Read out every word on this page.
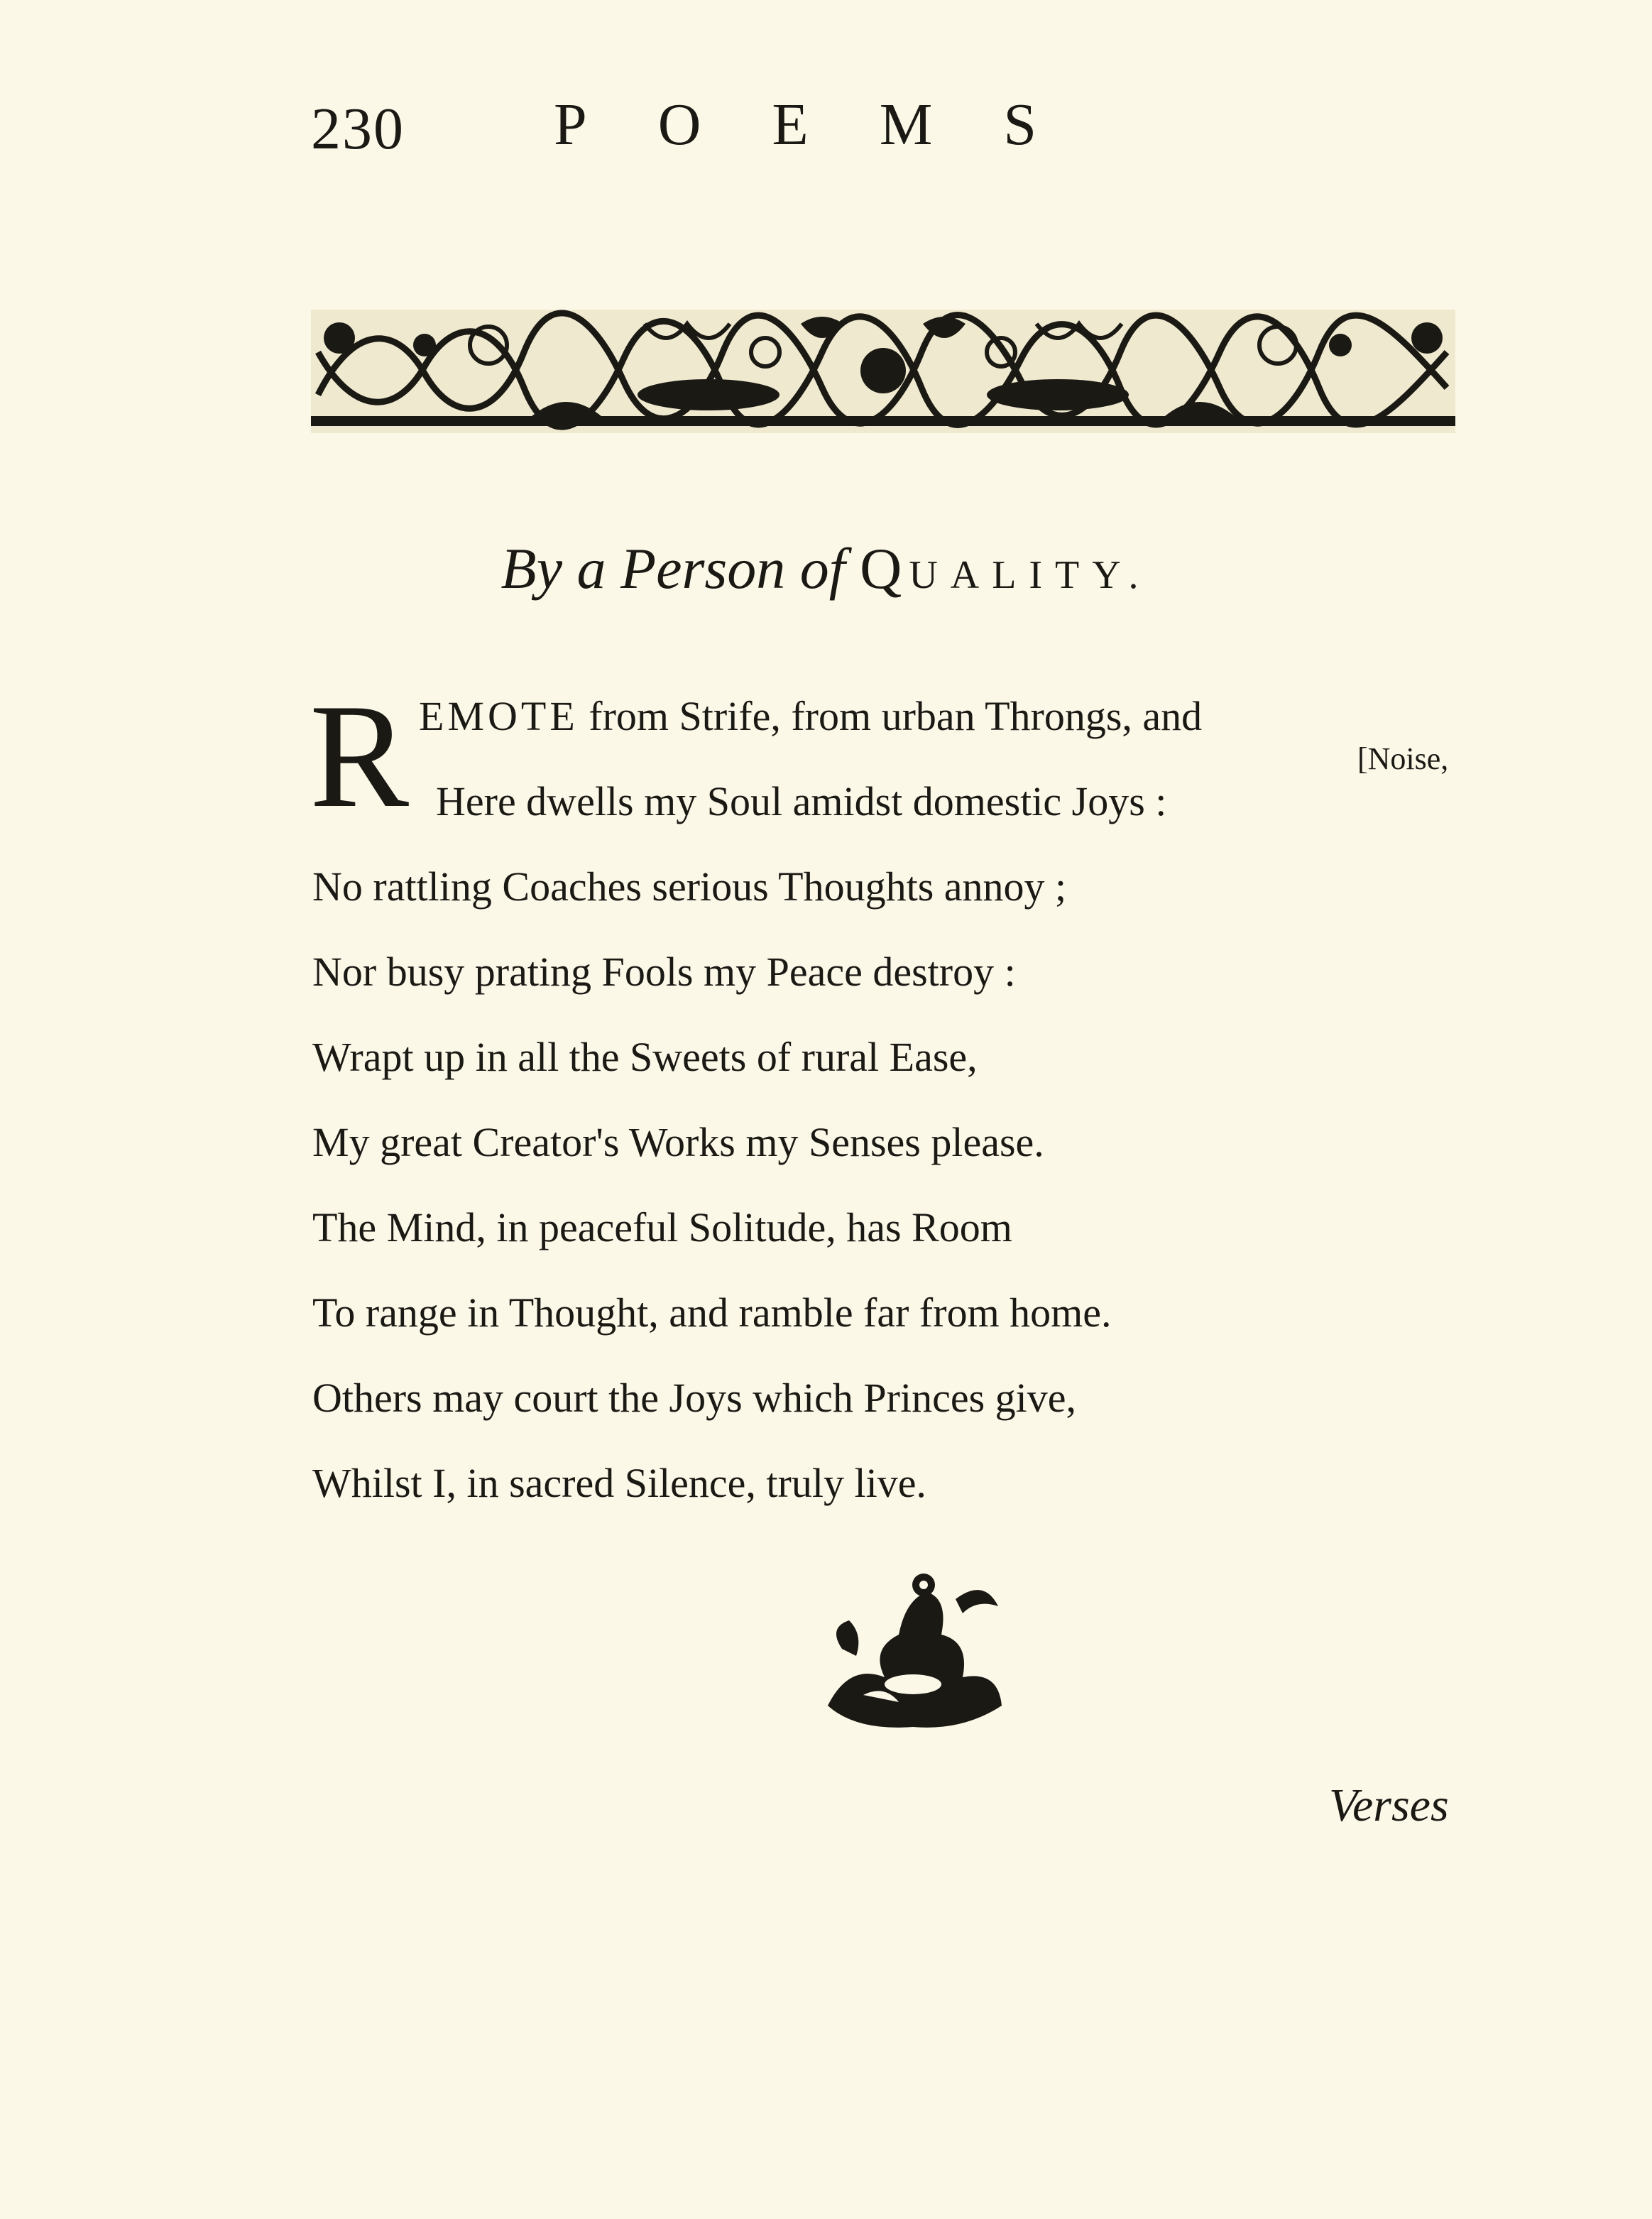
230	POEMS
By a Person of QUALITY.
R EMOTE from Strife, from urban Throngs, and
[Noise,
Here dwells my Soul amidst domestic Joys :
No rattling Coaches serious Thoughts annoy ;
Nor busy prating Fools my Peace destroy :
Wrapt up in all the Sweets of rural Ease,
My great Creator's Works my Senses please.
The Mind, in peaceful Solitude, has Room
To range in Thought, and ramble far from home.
Others may court the Joys which Princes give,
Whilst I, in sacred Silence, truly live.
Verses
